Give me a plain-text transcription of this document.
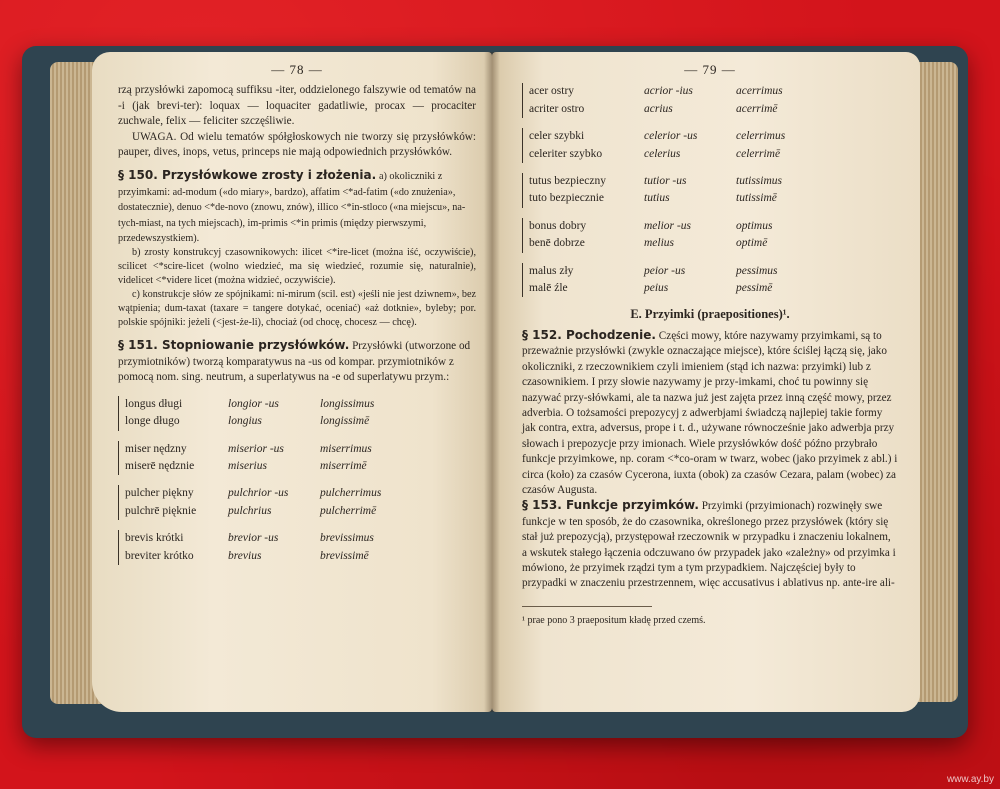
— 78 —

rzą przysłówki zapomocą suffiksu -iter, oddzielonego falszywie od tematów na -i (jak brevi-ter): loquax — loquaciter gadatliwie, procax — procaciter zuchwale, felix — feliciter szczęśliwie.

UWAGA. Od wielu tematów spółgłoskowych nie tworzy się przysłówków: pauper, dives, inops, vetus, princeps nie mają odpowiednich przysłówków.

§ 150. Przysłówkowe zrosty i złożenia. a) okoliczniki z przyimkami: ad-modum («do miary», bardzo), affatim <*ad-fatim («do znużenia», dostatecznie), denuo <*de-novo (znowu, znów), illico <*in-stloco («na miejscu», na-tych-miast, na tych miejscach), im-primis <*in primis (między pierwszymi, przedewszystkiem).

b) zrosty konstrukcyj czasownikowych: ilicet <*ire-licet (można iść, oczywiście), scilicet <*scire-licet (wolno wiedzieć, ma się wiedzieć, rozumie się, naturalnie), videlicet <*videre licet (można widzieć, oczywiście).

c) konstrukcje słów ze spójnikami: ni-mirum (scil. est) «jeśli nie jest dziwnem», bez wątpienia; dum-taxat (taxare = tangere dotykać, oceniać) «aż dotknie», byleby; por. polskie spójniki: jeżeli (<jest-że-li), chociaż (od chocę, chocesz — chcę).

§ 151. Stopniowanie przysłówków. Przysłówki (utworzone od przymiotników) tworzą komparatywus na -us od kompar. przymiotników z pomocą nom. sing. neutrum, a superlatywus na -e od superlatywu przym.:

longus długi	longior -us	longissimus
longe długo	longius	longissimē
miser nędzny	miserior -us	miserrimus
miserē nędznie	miserius	miserrimē
pulcher piękny	pulchrior -us	pulcherrimus
pulchrē pięknie	pulchrius	pulcherrimē
brevis krótki	brevior -us	brevissimus
breviter krótko	brevius	brevissimē
— 79 —
acer ostry	acrior -ius	acerrimus
acriter ostro	acrius	acerrimē
celer szybki	celerior -us	celerrimus
celeriter szybko	celerius	celerrimē
tutus bezpieczny	tutior -us	tutissimus
tuto bezpiecznie	tutius	tutissimē
bonus dobry	melior -us	optimus
benē dobrze	melius	optimē
malus zły	peior -us	pessimus
malē źle	peius	pessimē
E. Przyimki (praepositiones)¹.

§ 152. Pochodzenie. Części mowy, które nazywamy przyimkami, są to przeważnie przysłówki (zwykle oznaczające miejsce), które ściślej łączą się, jako okoliczniki, z rzeczownikiem czyli imieniem (stąd ich nazwa: przyimki) lub z czasownikiem. I przy słowie nazywamy je przy-imkami, choć tu powinny się nazywać przy-słówkami, ale ta nazwa już jest zajęta przez inną część mowy, przez adverbia. O tożsamości prepozycyj z adwerbjami świadczą najlepiej takie formy jak contra, extra, adversus, prope i t. d., używane równocześnie jako adwerbja przy słowach i prepozycje przy imionach. Wiele przysłówków dość późno przybrało funkcje przyimkowe, np. coram <*co-oram w twarz, wobec (jako przyimek z abl.) i circa (koło) za czasów Cycerona, iuxta (obok) za czasów Cezara, palam (wobec) za czasów Augusta.

§ 153. Funkcje przyimków. Przyimki (przyimionach) rozwinęły swe funkcje w ten sposób, że do czasownika, określonego przez przysłówek (który się stał już prepozycją), przystępował rzeczownik w przypadku i znaczeniu lokalnem, a wskutek stałego łączenia odczuwano ów przypadek jako «zależny» od przyimka i mówiono, że przyimek rządzi tym a tym przypadkiem. Najczęściej były to przypadki w znaczeniu przestrzennem, więc accusativus i ablativus np. ante-ire ali-

¹ prae pono 3 praepositum kładę przed czemś.
www.ay.by
